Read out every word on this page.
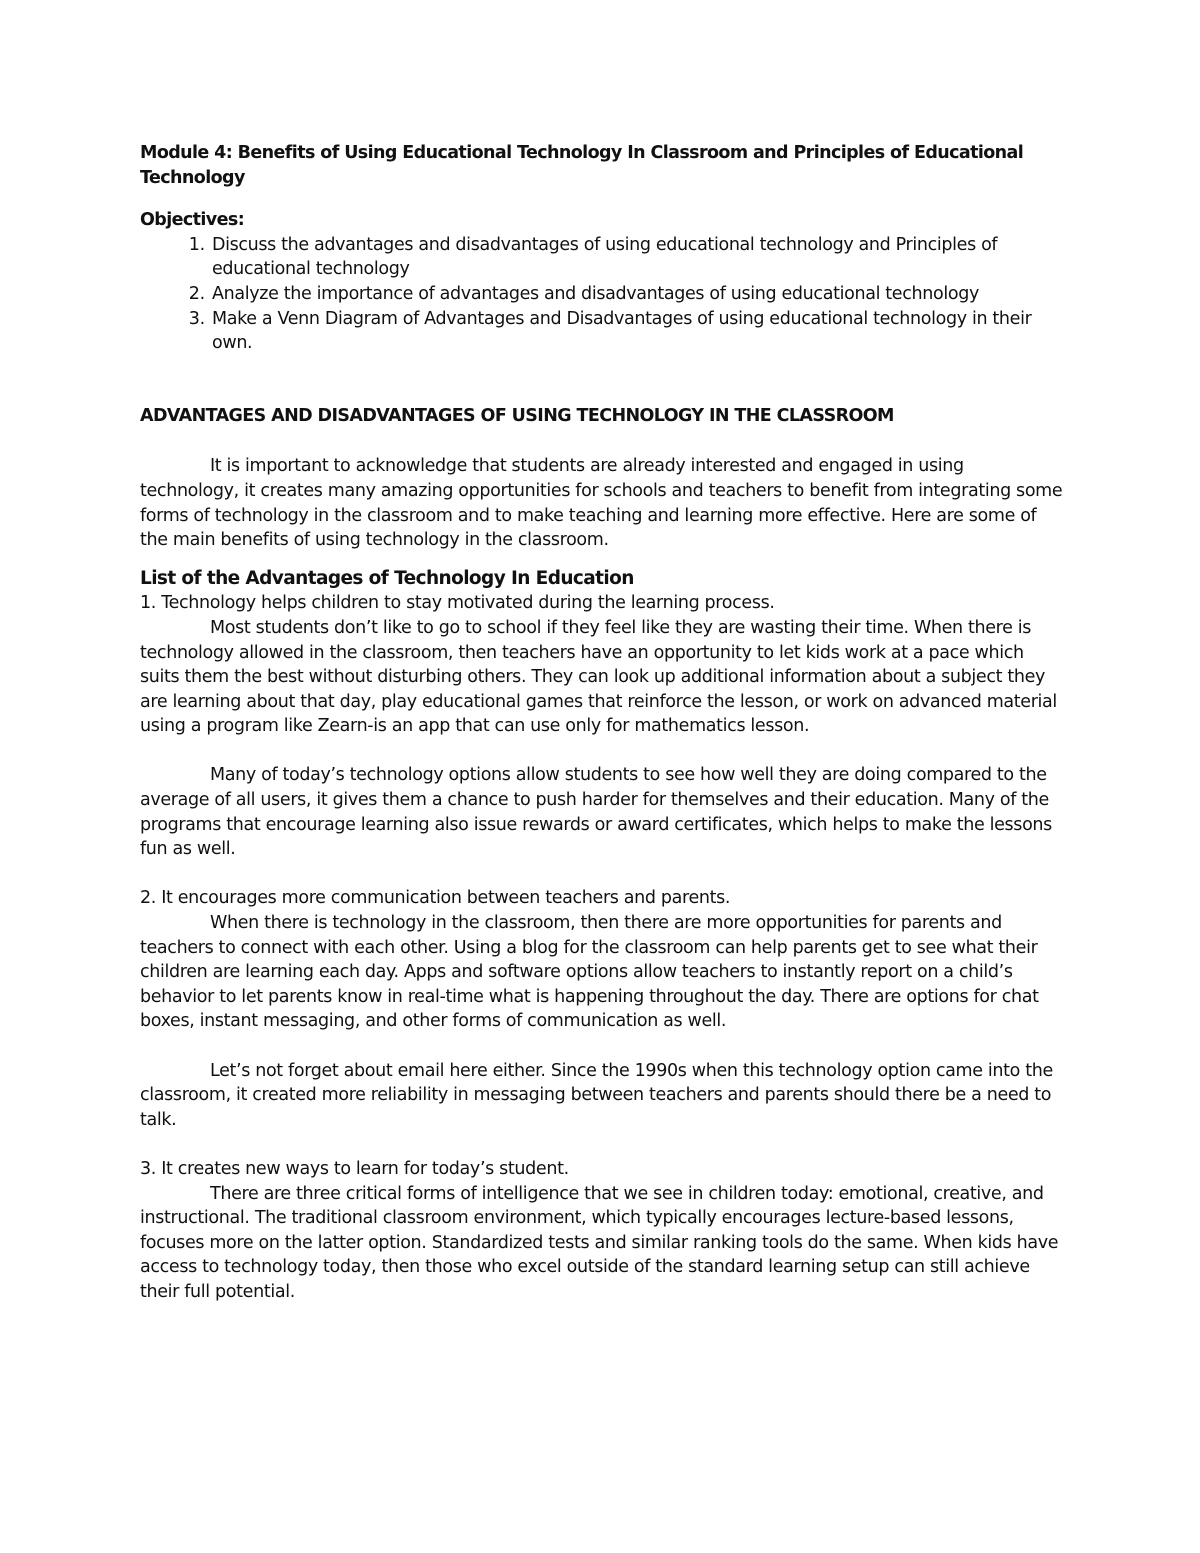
Module 4: Benefits of Using Educational Technology In Classroom and Principles of Educational Technology

Objectives:

1. Discuss the advantages and disadvantages of using educational technology and Principles of educational technology
2. Analyze the importance of advantages and disadvantages of using educational technology
3. Make a Venn Diagram of Advantages and Disadvantages of using educational technology in their own.

ADVANTAGES AND DISADVANTAGES OF USING TECHNOLOGY IN THE CLASSROOM

It is important to acknowledge that students are already interested and engaged in using technology, it creates many amazing opportunities for schools and teachers to benefit from integrating some forms of technology in the classroom and to make teaching and learning more effective. Here are some of the main benefits of using technology in the classroom.

List of the Advantages of Technology In Education

1. Technology helps children to stay motivated during the learning process.

Most students don’t like to go to school if they feel like they are wasting their time. When there is technology allowed in the classroom, then teachers have an opportunity to let kids work at a pace which suits them the best without disturbing others. They can look up additional information about a subject they are learning about that day, play educational games that reinforce the lesson, or work on advanced material using a program like Zearn-is an app that can use only for mathematics lesson.

Many of today’s technology options allow students to see how well they are doing compared to the average of all users, it gives them a chance to push harder for themselves and their education. Many of the programs that encourage learning also issue rewards or award certificates, which helps to make the lessons fun as well.

2. It encourages more communication between teachers and parents.

When there is technology in the classroom, then there are more opportunities for parents and teachers to connect with each other. Using a blog for the classroom can help parents get to see what their children are learning each day. Apps and software options allow teachers to instantly report on a child’s behavior to let parents know in real-time what is happening throughout the day. There are options for chat boxes, instant messaging, and other forms of communication as well.

Let’s not forget about email here either. Since the 1990s when this technology option came into the classroom, it created more reliability in messaging between teachers and parents should there be a need to talk.

3. It creates new ways to learn for today’s student.

There are three critical forms of intelligence that we see in children today: emotional, creative, and instructional. The traditional classroom environment, which typically encourages lecture-based lessons, focuses more on the latter option. Standardized tests and similar ranking tools do the same. When kids have access to technology today, then those who excel outside of the standard learning setup can still achieve their full potential.
